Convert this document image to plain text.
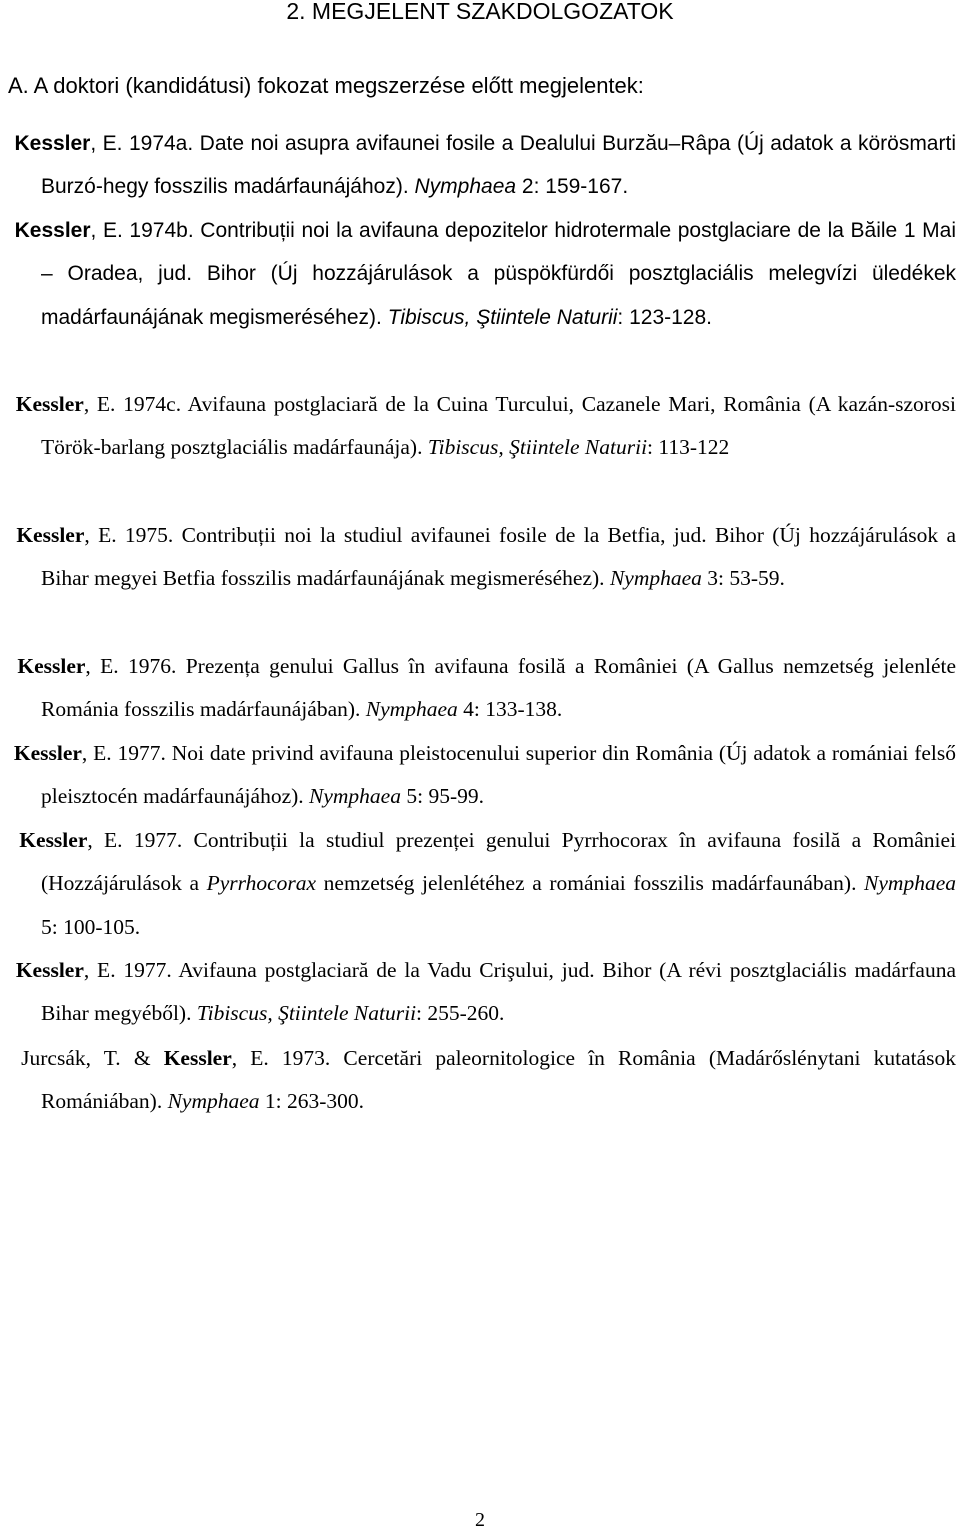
2. MEGJELENT SZAKDOLGOZATOK
A. A doktori (kandidátusi) fokozat megszerzése előtt megjelentek:
Kessler, E. 1974a. Date noi asupra avifaunei fosile a Dealului Burzău–Râpa (Új adatok a körösmarti Burzó-hegy fosszilis madárfaunájához). Nymphaea 2: 159-167.
Kessler, E. 1974b. Contribuții noi la avifauna depozitelor hidrotermale postglaciare de la Băile 1 Mai – Oradea, jud. Bihor (Új hozzájárulások a püspökfürdői posztglaciális melegvízi üledékek madárfaunájának megismeréséhez). Tibiscus, Ştiintele Naturii: 123-128.
Kessler, E. 1974c. Avifauna postglaciară de la Cuina Turcului, Cazanele Mari, România (A kazán-szorosi Török-barlang posztglaciális madárfaunája). Tibiscus, Ştiintele Naturii: 113-122
Kessler, E. 1975. Contribuții noi la studiul avifaunei fosile de la Betfia, jud. Bihor (Új hozzájárulások a Bihar megyei Betfia fosszilis madárfaunájának megismeréséhez). Nymphaea 3: 53-59.
Kessler, E. 1976. Prezența genului Gallus în avifauna fosilă a României (A Gallus nemzetség jelenléte Románia fosszilis madárfaunájában). Nymphaea 4: 133-138.
Kessler, E. 1977. Noi date privind avifauna pleistocenului superior din România (Új adatok a romániai felső pleisztocén madárfaunájához). Nymphaea 5: 95-99.
Kessler, E. 1977. Contribuții la studiul prezenței genului Pyrrhocorax în avifauna fosilă a României (Hozzájárulások a Pyrrhocorax nemzetség jelenlétéhez a romániai fosszilis madárfaunában). Nymphaea 5: 100-105.
Kessler, E. 1977. Avifauna postglaciară de la Vadu Crişului, jud. Bihor (A révi posztglaciális madárfauna Bihar megyéből). Tibiscus, Ştiintele Naturii: 255-260.
Jurcsák, T. & Kessler, E. 1973. Cercetări paleornitologice în România (Madárőslénytani kutatások Romániában). Nymphaea 1: 263-300.
2
